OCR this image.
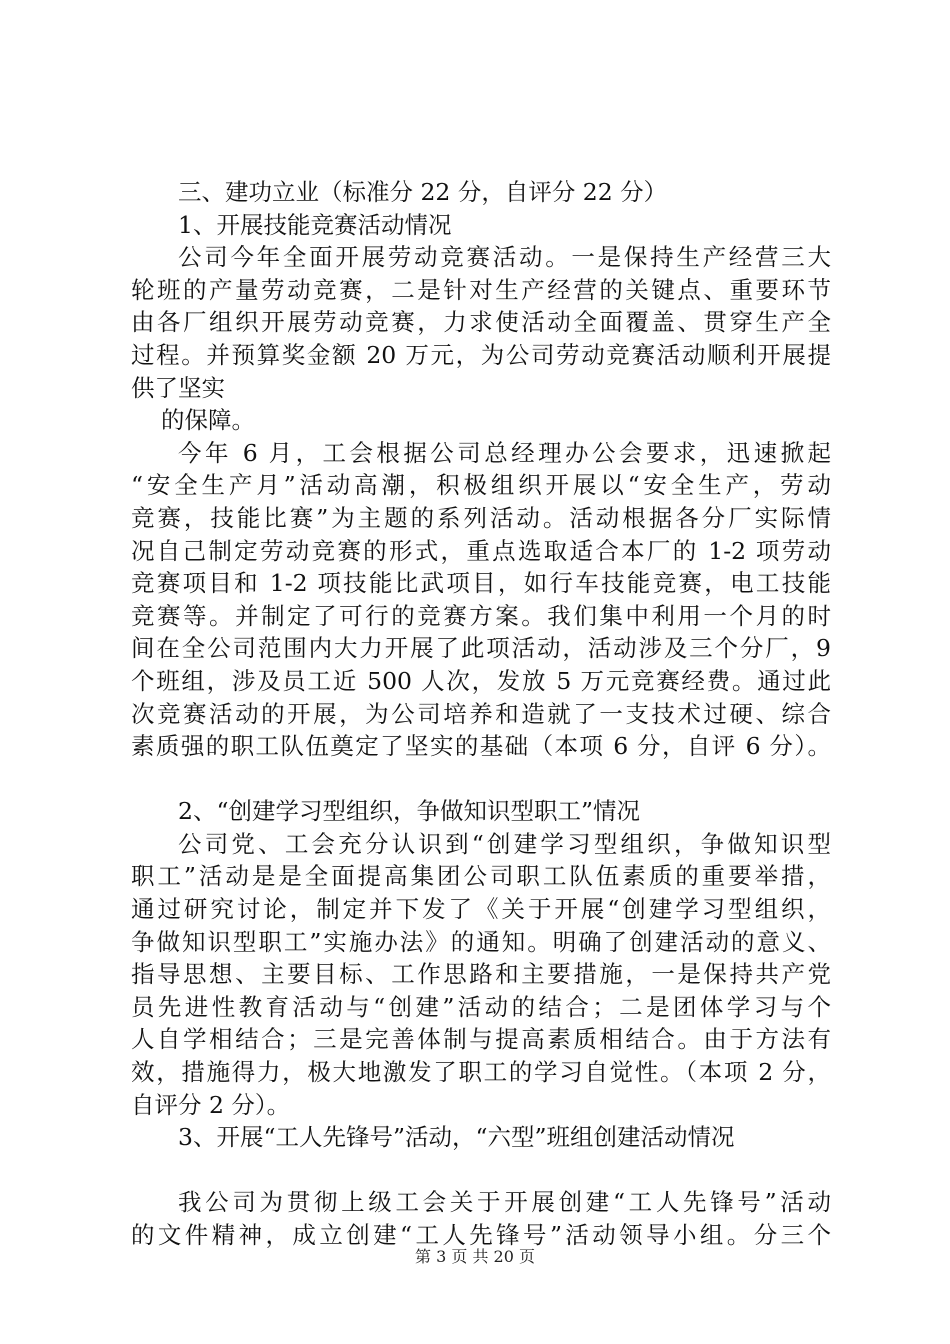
三、建功立业（标准分 22 分，自评分 22 分）
1、开展技能竞赛活动情况
公司今年全面开展劳动竞赛活动。一是保持生产经营三大
轮班的产量劳动竞赛，二是针对生产经营的关键点、重要环节
由各厂组织开展劳动竞赛，力求使活动全面覆盖、贯穿生产全
过程。并预算奖金额 20 万元，为公司劳动竞赛活动顺利开展提
供了坚实
的保障。
今年 6 月，工会根据公司总经理办公会要求，迅速掀起
“安全生产月”活动高潮，积极组织开展以“安全生产，劳动
竞赛，技能比赛”为主题的系列活动。活动根据各分厂实际情
况自己制定劳动竞赛的形式，重点选取适合本厂的 1-2 项劳动
竞赛项目和 1-2 项技能比武项目，如行车技能竞赛，电工技能
竞赛等。并制定了可行的竞赛方案。我们集中利用一个月的时
间在全公司范围内大力开展了此项活动，活动涉及三个分厂，9
个班组，涉及员工近 500 人次，发放 5 万元竞赛经费。通过此
次竞赛活动的开展，为公司培养和造就了一支技术过硬、综合
素质强的职工队伍奠定了坚实的基础（本项 6 分，自评 6 分）。
2、“创建学习型组织，争做知识型职工”情况
公司党、工会充分认识到“创建学习型组织，争做知识型
职工”活动是是全面提高集团公司职工队伍素质的重要举措，
通过研究讨论，制定并下发了《关于开展“创建学习型组织，
争做知识型职工”实施办法》的通知。明确了创建活动的意义、
指导思想、主要目标、工作思路和主要措施，一是保持共产党
员先进性教育活动与“创建”活动的结合；二是团体学习与个
人自学相结合；三是完善体制与提高素质相结合。由于方法有
效，措施得力，极大地激发了职工的学习自觉性。（本项 2 分，
自评分 2 分）。
3、开展“工人先锋号”活动，“六型”班组创建活动情况
我公司为贯彻上级工会关于开展创建“工人先锋号”活动
的文件精神，成立创建“工人先锋号”活动领导小组。分三个
第 3 页 共 20 页
